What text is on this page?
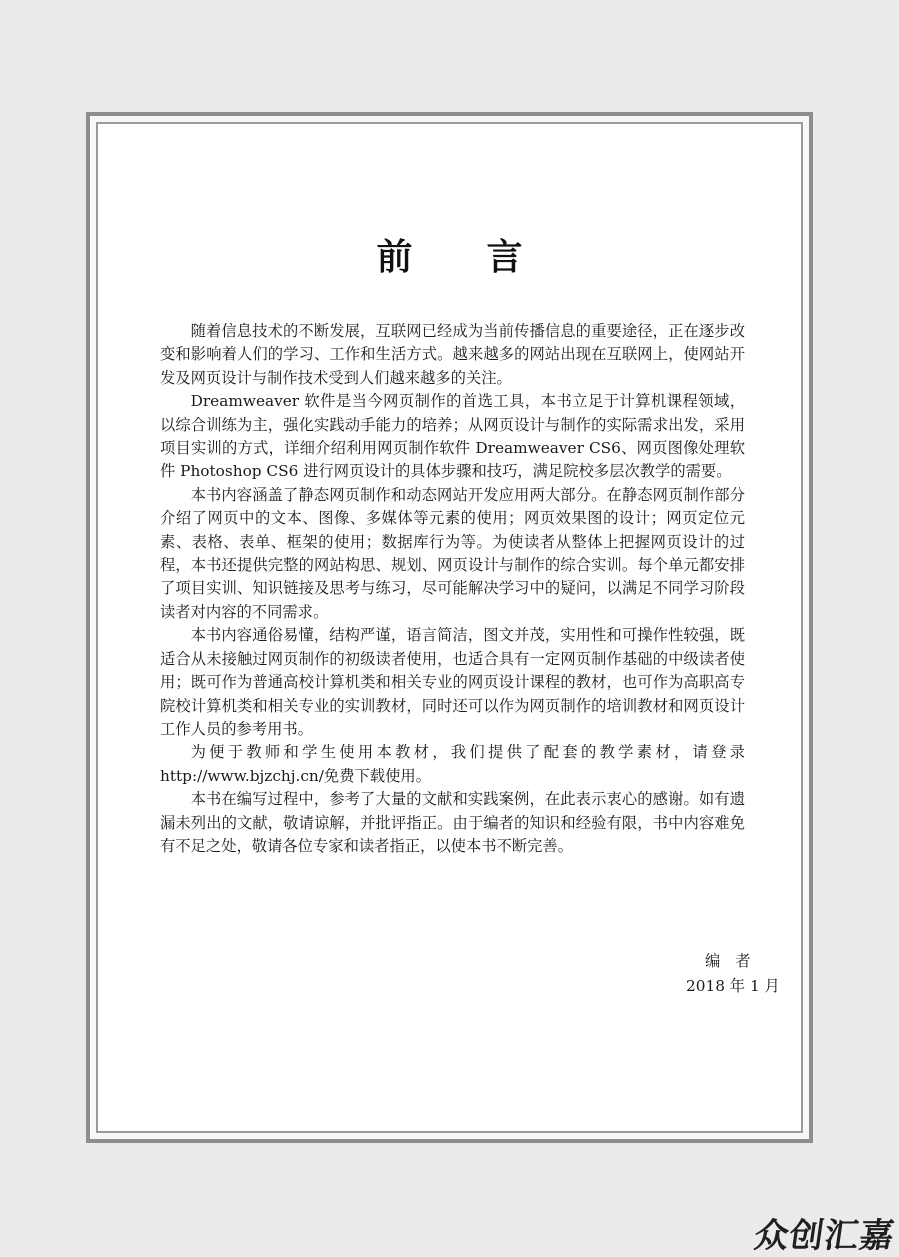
前言

随着信息技术的不断发展，互联网已经成为当前传播信息的重要途径，正在逐步改变和影响着人们的学习、工作和生活方式。越来越多的网站出现在互联网上，使网站开发及网页设计与制作技术受到人们越来越多的关注。

Dreamweaver 软件是当今网页制作的首选工具，本书立足于计算机课程领域，以综合训练为主，强化实践动手能力的培养；从网页设计与制作的实际需求出发，采用项目实训的方式，详细介绍利用网页制作软件 Dreamweaver CS6、网页图像处理软件 Photoshop CS6 进行网页设计的具体步骤和技巧，满足院校多层次教学的需要。

本书内容涵盖了静态网页制作和动态网站开发应用两大部分。在静态网页制作部分介绍了网页中的文本、图像、多媒体等元素的使用；网页效果图的设计；网页定位元素、表格、表单、框架的使用；数据库行为等。为使读者从整体上把握网页设计的过程，本书还提供完整的网站构思、规划、网页设计与制作的综合实训。每个单元都安排了项目实训、知识链接及思考与练习，尽可能解决学习中的疑问，以满足不同学习阶段读者对内容的不同需求。

本书内容通俗易懂，结构严谨，语言简洁，图文并茂，实用性和可操作性较强，既适合从未接触过网页制作的初级读者使用，也适合具有一定网页制作基础的中级读者使用；既可作为普通高校计算机类和相关专业的网页设计课程的教材，也可作为高职高专院校计算机类和相关专业的实训教材，同时还可以作为网页制作的培训教材和网页设计工作人员的参考用书。

为便于教师和学生使用本教材，我们提供了配套的教学素材，请登录 http://www.bjzchj.cn/免费下载使用。

本书在编写过程中，参考了大量的文献和实践案例，在此表示衷心的感谢。如有遗漏未列出的文献，敬请谅解，并批评指正。由于编者的知识和经验有限，书中内容难免有不足之处，敬请各位专家和读者指正，以使本书不断完善。

编者
2018 年 1 月
众创汇嘉
